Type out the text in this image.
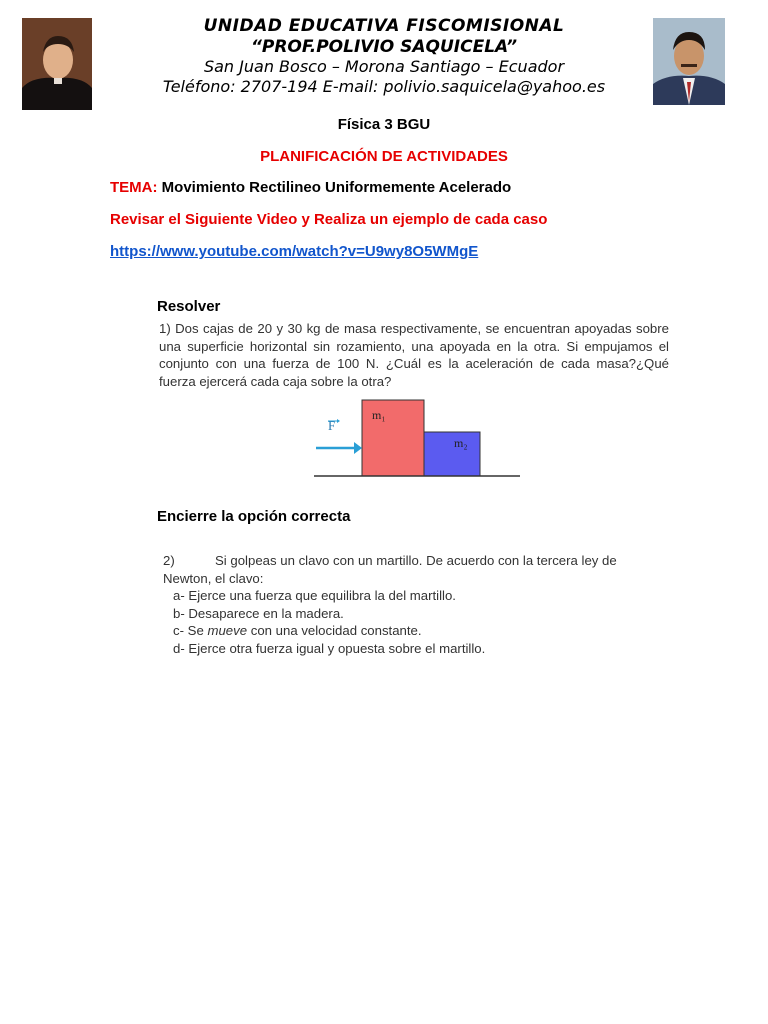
UNIDAD EDUCATIVA FISCOMISIONAL
“PROF.POLIVIO SAQUICELA”
San Juan Bosco – Morona Santiago – Ecuador
Teléfono: 2707-194 E-mail: polivio.saquicela@yahoo.es
Física 3 BGU
PLANIFICACIÓN DE ACTIVIDADES
TEMA: Movimiento Rectilineo Uniformemente Acelerado
Revisar el Siguiente Video y Realiza un ejemplo de cada caso
https://www.youtube.com/watch?v=U9wy8O5WMgE
Resolver
1) Dos cajas de 20 y 30 kg de masa respectivamente, se encuentran apoyadas sobre una superficie horizontal sin rozamiento, una apoyada en la otra. Si empujamos el conjunto con una fuerza de 100 N. ¿Cuál es la aceleración de cada masa?¿Qué fuerza ejercerá cada caja sobre la otra?
F
m₁
m₂
Encierre la opción correcta
2)	Si golpeas un clavo con un martillo. De acuerdo con la tercera ley de
Newton, el clavo:
a- Ejerce una fuerza que equilibra la del martillo.
b- Desaparece en la madera.
c- Se mueve con una velocidad constante.
d- Ejerce otra fuerza igual y opuesta sobre el martillo.
